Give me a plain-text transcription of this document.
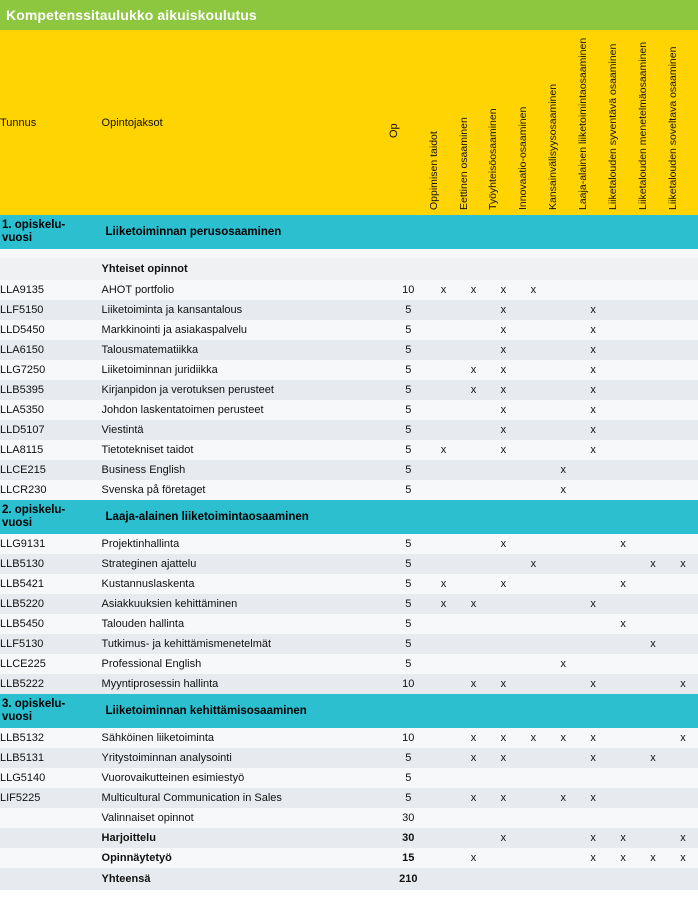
Kompetenssitaulukko aikuiskoulutus
Tunnus	Opintojaksot	Op	Oppimisen taidot	Eettinen osaaminen	Työyhteisöosaaminen	Innovaatio-osaaminen	Kansainvälisyysosaaminen	Laaja-alainen liiketoimintaosaaminen	Liiketalouden syventävä osaaminen	Liiketalouden menetelmäosaaminen	Liiketalouden soveltava osaaminen

1. opiskelu-
vuosi	Liiketoiminnan perusosaaminen										

	Yhteiset opinnot										
LLA9135	AHOT portfolio	10	x	x	x	x					
LLF5150	Liiketoiminta ja kansantalous	5			x			x			
LLD5450	Markkinointi ja asiakaspalvelu	5			x			x			
LLA6150	Talousmatematiikka	5			x			x			
LLG7250	Liiketoiminnan juridiikka	5		x	x			x			
LLB5395	Kirjanpidon ja verotuksen perusteet	5		x	x			x			
LLA5350	Johdon laskentatoimen perusteet	5			x			x			
LLD5107	Viestintä	5			x			x			
LLA8115	Tietotekniset taidot	5	x		x			x			
LLCE215	Business English	5					x				
LLCR230	Svenska på företaget	5					x				
2. opiskelu-
vuosi	Laaja-alainen liiketoimintaosaaminen										
LLG9131	Projektinhallinta	5			x				x		
LLB5130	Strateginen ajattelu	5				x				x	x
LLB5421	Kustannuslaskenta	5	x		x				x		
LLB5220	Asiakkuuksien kehittäminen	5	x	x				x			
LLB5450	Talouden hallinta	5							x		
LLF5130	Tutkimus- ja kehittämismenetelmät	5								x	
LLCE225	Professional English	5					x				
LLB5222	Myyntiprosessin hallinta	10		x	x			x			x
3. opiskelu-
vuosi	Liiketoiminnan kehittämisosaaminen										
LLB5132	Sähköinen liiketoiminta	10		x	x	x	x	x			x
LLB5131	Yritystoiminnan analysointi	5		x	x			x		x	
LLG5140	Vuorovaikutteinen esimiestyö	5									
LIF5225	Multicultural Communication in Sales	5		x	x		x	x			
	Valinnaiset opinnot	30									
	Harjoittelu	30			x			x	x		x
	Opinnäytetyö	15		x				x	x	x	x
	Yhteensä	210									
